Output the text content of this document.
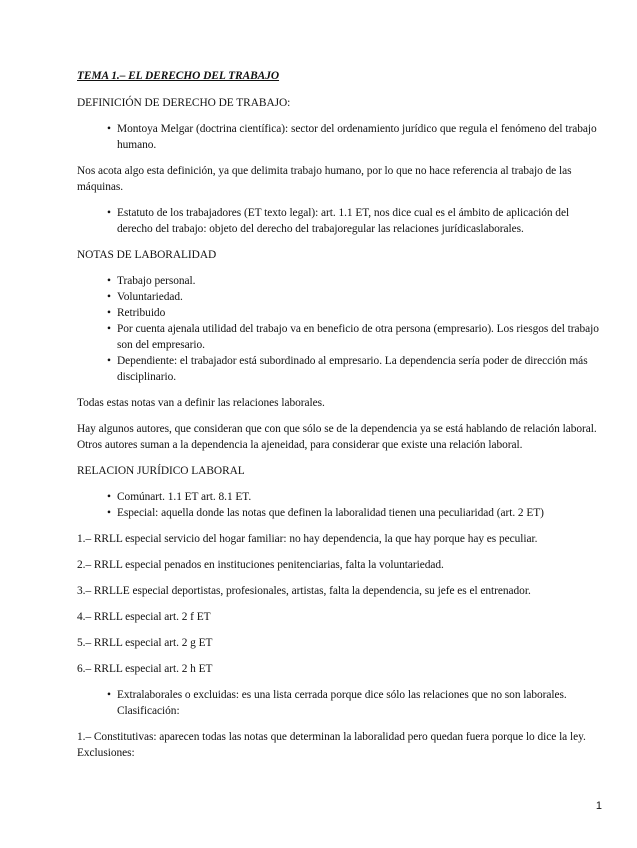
TEMA 1.– EL DERECHO DEL TRABAJO

DEFINICIÓN DE DERECHO DE TRABAJO:

• Montoya Melgar (doctrina científica): sector del ordenamiento jurídico que regula el fenómeno del trabajo humano.

Nos acota algo esta definición, ya que delimita trabajo humano, por lo que no hace referencia al trabajo de las máquinas.

• Estatuto de los trabajadores (ET texto legal): art. 1.1 ET, nos dice cual es el ámbito de aplicación del derecho del trabajo: objeto del derecho del trabajoregular las relaciones jurídicaslaborales.

NOTAS DE LABORALIDAD

• Trabajo personal.
• Voluntariedad.
• Retribuido
• Por cuenta ajenala utilidad del trabajo va en beneficio de otra persona (empresario). Los riesgos del trabajo son del empresario.
• Dependiente: el trabajador está subordinado al empresario. La dependencia sería poder de dirección más disciplinario.

Todas estas notas van a definir las relaciones laborales.

Hay algunos autores, que consideran que con que sólo se de la dependencia ya se está hablando de relación laboral. Otros autores suman a la dependencia la ajeneidad, para considerar que existe una relación laboral.

RELACION JURÍDICO LABORAL

• Comúnart. 1.1 ET art. 8.1 ET.
• Especial: aquella donde las notas que definen la laboralidad tienen una peculiaridad (art. 2 ET)

1.– RRLL especial servicio del hogar familiar: no hay dependencia, la que hay porque hay es peculiar.

2.– RRLL especial penados en instituciones penitenciarias, falta la voluntariedad.

3.– RRLLE especial deportistas, profesionales, artistas, falta la dependencia, su jefe es el entrenador.

4.– RRLL especial art. 2 f ET

5.– RRLL especial art. 2 g ET

6.– RRLL especial art. 2 h ET

• Extralaborales o excluidas: es una lista cerrada porque dice sólo las relaciones que no son laborales. Clasificación:

1.– Constitutivas: aparecen todas las notas que determinan la laboralidad pero quedan fuera porque lo dice la ley. Exclusiones:

1
